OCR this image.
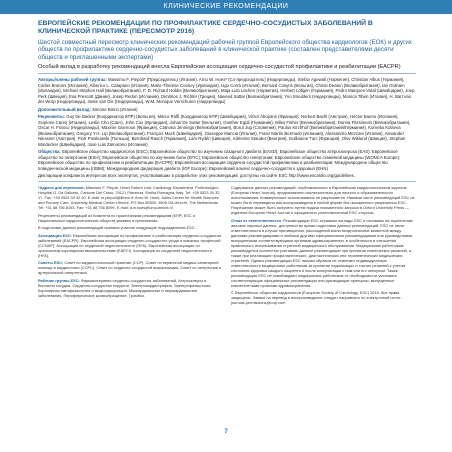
КЛИНИЧЕСКИЕ РЕКОМЕНДАЦИИ

ЕВРОПЕЙСКИЕ РЕКОМЕНДАЦИИ ПО ПРОФИЛАКТИКЕ СЕРДЕЧНО-СОСУДИСТЫХ ЗАБОЛЕВАНИЙ В КЛИНИЧЕСКОЙ ПРАКТИКЕ (ПЕРЕСМОТР 2016)

Шестой совместный пересмотр клинических рекомендаций рабочей группой Европейского общества кардиологов (ЕОК) и других обществ по профилактике сердечно-сосудистых заболеваний в клинической практике (составлен представителями десяти обществ и приглашенными экспертами)

Особый вклад в разработку рекомендаций внесла Европейская ассоциация сердечно-сосудистой профилактики и реабилитации (EACPR)

Авторы/члены рабочей группы: Massimo F. Piepoli* (Председатель) (Италия), Arno W. Hoes* (Со-председатель) (Нидерланды), Stefan Agewall (Норвегия), Christian Albus (Германия), Carlos Brotons (Испания), Alberico L. Catapano (Италия), Marie-Therese Cooney (Ирландия), Ugo Corrà (Италия), Bernard Cosyns (Бельгия), Christi Deaton (Великобритания), Ian Graham (Ирландия), Michael Stephen Hall (Великобритания), F. D. Richard Hobbs (Великобритания), Maja-Lisa Løchen (Норвегия), Herbert Löllgen (Германия), Pedro Marques-Vidal (Швейцария), Joep Perk (Швеция), Eva Prescott (Дания), Josep Redon (Испания), Dimitrios J. Richter (Греция), Naveed Sattar (Великобритания), Yvo Smulders (Нидерланды), Monica Tiberi (Италия), H. Bart van der Worp (Нидерланды), Ineke van Dis (Нидерланды), W.M. Monique Verschuren (Нидерланды)

Дополнительный вклад: Simone Binno (Италия)

Рецензенты: Guy De Backer (Координатор КПР) (Бельгия), Marco Roffi (Координатор КПР) (Швейцария), Victor Aboyans (Франция), Norbert Bachl (Австрия), Héctor Bueno (Испания), Scipione Carerj (Италия), Leslie Cho (США), John Cox (Ирландия), Johan De Sutter (Бельгия), Günther Egidi (Германия), Miles Fisher (Великобритания), Donna Fitzsimons (Великобритания), Oscar H. Franco (Нидерланды), Maxime Guenoun (Франция), Catriona Jennings (Великобритания), Borut Jug (Словения), Paulus Kirchhof (Великобритания/Германия), Kornelia Kotseva (Великобритания), Gregory Y.H. Lip (Великобритания), François Mach (Швейцария), Giuseppe Mancia (Италия), Franz Martin Bermudo (Испания), Alessandro Mezzani (Италия), Alexander Niessner (Австрия), Piotr Ponikowski (Польша), Bernhard Rauch (Германия), Lars Rydén (Швеция), Adrienne Stauder (Венгрия), Guillaume Turc (Франция), Olov Wiklund (Швеция), Stephan Windecker (Швейцария), Jose Luis Zamorano (Испания)

Общества: Европейское общество кардиологов (ESC); Европейское общество по изучению сахарного диабета (EASD); Европейское общество атеросклероза (EAS); Европейское общество по гипертонии (ESH); Европейское общество по изучению боли (EFIC); Европейское общество гипертонии; Европейское общество семейной медицины (WONCA Europe); Европейское общество по профилактике и реабилитации (EACPR); Европейская ассоциация сердечно-сосудистой профилактики и реабилитации; Международное общество поведенческой медицины (ISBM); Международная федерация диабета (IDF Europe); Европейский альянс сердечно-сосудистого здоровья (EHN)

Декларации конфликта интересов всех экспертов, участвовавших в разработке этих рекомендаций, доступны на сайте ESC http://www.escardio.org/guidelines.

*Адреса для переписки: Massimo F. Piepoli, Heart Failure Unit, Cardiology Department, Polichirurgico Hospital G. Da Saliceto, Cantone Del Cristo, 29121 Piacenza, Emilia Romagna, Italy. Tel: +39 0523 30 32 17, Fax: +39 0523 30 32 20, E-mail: m.piepoli@libero.it; Arno W. Hoes, Julius Center for Health Sciences and Primary Care, University Medical Center Utrecht, PO Box 85500, 3508 GA Utrecht, The Netherlands. Tel: +31 88 756 8193, Fax: +31 88 756 8099, E-mail: a.w.hoes@umcutrecht.nl

Рецензенты рекомендаций из Комитета по практическим рекомендациям (КПР) ESC и Национальных кардиологических обществ указаны в приложении.

В подготовке данных рекомендаций приняли участие следующие подразделения ESC:

Ассоциации ESC: Европейская ассоциация по профилактике и реабилитации сердечно-сосудистых заболеваний (EACPR), Европейская ассоциация сердечно-сосудистого ухода и смежных профессий (CCNAP), Ассоциация по сердечной недостаточности (HFA), Европейская ассоциация по чрескожным коронарным вмешательствам (EAPCI), Ассоциация по сердечной недостаточности (HFA).

Советы ESC: Совет по кардиологической практике (CCP), Совет по первичной медико-санитарной помощи в кардиологии (CCPC), Совет по сердечно-сосудистой визуализации, Совет по гипертонии и артериальной гипертензии.

Рабочие группы ESC: Фармакотерапия сердечно-сосудистых заболеваний, Атеросклероз и биология сосудов, Сердечно-сосудистая хирургия, Электрокардиография, Электрофизиология, Коронарная патофизиология и микроциркуляция, Миокардиальные и перикардиальные заболевания, Периферическое кровообращение, Тромбоз.

Содержание данных рекомендаций, опубликованных в Европейском кардиологическом журнале (European Heart Journal), предназначено исключительно для личного и образовательного использования. Коммерческое использование не разрешается. Никакая часть рекомендаций ESC не может быть переведена или воспроизведена в любой форме без письменного разрешения ESC. Разрешение может быть получено путем подачи письменного запроса в Oxford University Press — издателя European Heart Journal и официально уполномоченной ESC стороны.

Отказ от ответственности. Рекомендации ESC отражают взгляды ESC и основаны на тщательном анализе научных данных, доступных во время подготовки данных рекомендаций. ESC не несет ответственности в случае противоречия, расхождений и/или неоднозначных моментов между данными рекомендациями и любыми другими официальными рекомендациями или руководствами, выпущенными соответствующими органами здравоохранения, в особенности в отношении правильного использования стратегий медицинского обслуживания. Медицинским работникам рекомендуется полностью учитывать данные рекомендации при принятии клинических решений, а также при реализации профилактических, диагностических или терапевтических медицинских стратегий. Однако рекомендации ESC никоим образом не отменяют индивидуальную ответственность медицинских работников за принятие надлежащих и точных решений с учетом состояния здоровья каждого пациента и после консультации с ним или его опекуном. Также рекомендации ESC не освобождают медицинских работников от необходимости учитывать соответствующие официальные рекомендации или руководящие принципы, выпущенные компетентными органами здравоохранения.

© Европейское общество кардиологов (European Society of Cardiology, ESC) 2016. Все права защищены. Заявки на перевод и воспроизведение следует направлять по электронной почте: journals.permissions@oup.com

7
